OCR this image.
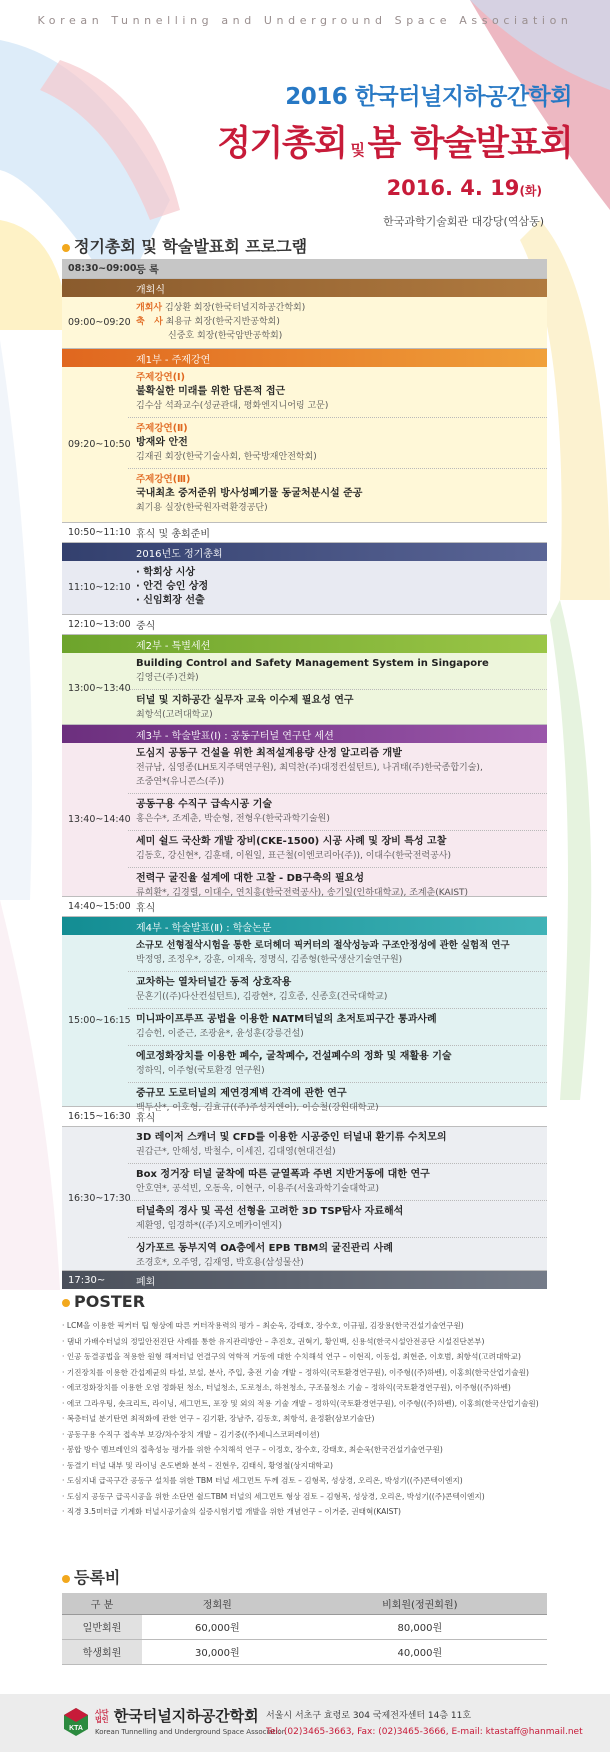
Korean Tunnelling and Underground Space Association
2016 한국터널지하공간학회
정기총회 및 봄 학술발표회
2016. 4. 19(화)
한국과학기술회관 대강당(역삼동)
정기총회 및 학술발표회 프로그램
08:30~09:00 등 록
개회식
09:00~09:20
개회사 김상환 회장(한국터널지하공간학회)
축   사 최용규 회장(한국지반공학회)
신중호 회장(한국암반공학회)
제1부 - 주제강연
09:20~10:50
주제강연(Ⅰ)
불확실한 미래를 위한 담론적 접근
김수삼 석좌교수(성균관대, 평화엔지니어링 고문)
주제강연(Ⅱ)
방재와 안전
김재권 회장(한국기술사회, 한국방재안전학회)
주제강연(Ⅲ)
국내최초 중저준위 방사성폐기물 동굴처분시설 준공
최기용 실장(한국원자력환경공단)
10:50~11:10 휴식 및 총회준비
2016년도 정기총회
11:10~12:10
· 학회상 시상
· 안건 승인 상정
· 신임회장 선출
12:10~13:00 중식
제2부 - 특별세션
13:00~13:40
Building Control and Safety Management System in Singapore
김영근(주)건화)
터널 및 지하공간 실무자 교육 이수제 필요성 연구
최항석(고려대학교)
제3부 - 학술발표(Ⅰ) : 공동구터널 연구단 세션
13:40~14:40
도심지 공동구 건설을 위한 최적설계용량 산정 알고리즘 개발
전규남, 심영종(LH토지주택연구원), 최덕찬(주)대정컨설턴트), 나귀태(주)한국종합기술),
조중연*(유니콘스(주))
공동구용 수직구 급속시공 기술
홍은수*, 조계춘, 박순형, 전형우(한국과학기술원)
세미 쉴드 국산화 개발 장비(CKE-1500) 시공 사례 및 장비 특성 고찰
김동호, 강신현*, 김훈태, 이원일, 표근철(이엔코리아(주)), 이대수(한국전력공사)
전력구 굴진율 설계에 대한 고찰 - DB구축의 필요성
류희환*, 김경렬, 이대수, 연치흥(한국전력공사), 송기일(인하대학교), 조계춘(KAIST)
14:40~15:00 휴식
제4부 - 학술발표(Ⅱ) : 학술논문
15:00~16:15
소규모 선형절삭시험을 통한 로더헤더 픽커터의 절삭성능과 구조안정성에 관한 실험적 연구
박정영, 조정우*, 강훈, 이재욱, 정명식, 김종형(한국생산기술연구원)
교차하는 열차터널간 동적 상호작용
문혼기((주)다산컨설턴트), 김광현*, 김호종, 신종호(건국대학교)
미니파이프루프 공법을 이용한 NATM터널의 초저토피구간 통과사례
김승헌, 이준근, 조광윤*, 윤성훈(강릉건설)
에코정화장치를 이용한 폐수, 굴착폐수, 건설폐수의 정화 및 재활용 기술
정하익, 이주형(국토환경 연구원)
중규모 도로터널의 제연경계벽 간격에 관한 연구
백두산*, 이호형, 김효규((주)주성지엔이), 이승철(강원대학교)
16:15~16:30 휴식
16:30~17:30
3D 레이저 스캐너 및 CFD를 이용한 시공중인 터널내 환기류 수치모의
권갑근*, 안해성, 박철수, 이세진, 김대영(현대건설)
Box 정거장 터널 굴착에 따른 균열폭과 주변 지반거동에 대한 연구
안호연*, 공석빈, 오동욱, 이현구, 이용주(서울과학기술대학교)
터널축의 경사 및 곡선 선형을 고려한 3D TSP탐사 자료해석
제환영, 임경하*((주)지오메카이엔지)
싱가포르 동부지역 OA층에서 EPB TBM의 굴진관리 사례
조경호*, 오주영, 김재영, 박호용(삼성물산)
17:30~	폐회
POSTER
· LCM을 이용한 픽커터 팁 형상에 따른 커터작용력의 평가 – 최순욱, 강태호, 장수호, 이규필, 김장용(한국건설기술연구원)
· 댐내 가배수터널의 정밀안전진단 사례를 통한 유지관리방안 – 추진호, 권혁기, 황인백, 신용석(한국시설안전공단 시설진단본부)
· 인공 동결공법을 적용한 원형 해저터널 연결구의 역학적 거동에 대한 수치해석 연구 – 이현직, 이동섭, 최현준, 이호범, 최항석(고려대학교)
· 기진장치를 이용한 간섭제균의 타설, 보설, 분사, 주입, 충전 기술 개발 – 정하익(국토환경연구원), 이주형((주)하벤), 이홍희(한국산업기술원)
· 에코정화장치를 이용한 오염 정화된 청소, 터널청소, 도로청소, 하천청소, 구조물청소 기술 – 정하익(국토환경연구원), 이주형((주)하벤)
· 에코 그라우팅, 숏크리트, 라이닝, 세그먼트, 포장 및 외의 적용 기술 개발 – 정하익(국토환경연구원), 이주형((주)하벤), 이홍희(한국산업기술원)
· 복층터널 분기탄면 최적화에 관한 연구 – 김기환, 장남주, 김동호, 최항석, 윤정환(삼보기술단)
· 공동구용 수직구 접속부 보강/차수장치 개발 – 김기중((주)세니스코퍼레이션)
· 봉합 방수 멤브레인의 접촉성능 평가를 위한 수치해석 연구 – 이정호, 장수호, 강태호, 최순욱(한국건설기술연구원)
· 동결기 터널 내부 및 라이닝 온도변화 분석 – 진현우, 김태식, 황영철(상지대학교)
· 도심지내 급곡구간 공동구 설치를 위한 TBM 터널 세그먼트 두께 검토 – 김형목, 성상경, 오리온, 박성기((주)콘텍이엔지)
· 도심지 공동구 급곡시공을 위한 소단면 쉴드TBM 터널의 세그먼트 형상 검토 – 김형목, 성상경, 오리온, 박성기((주)콘텍이엔지)
· 직경 3.5미터급 기계화 터널시공기술의 실증시험기법 개발을 위한 개념연구 – 이거준, 권태혁(KAIST)
등록비
구 분	정회원	비회원(정권회원)
일반회원	60,000원	80,000원
학생회원	30,000원	40,000원
KTA
사단
법인 한국터널지하공간학회
Korean Tunnelling and Underground Space Association
서울시 서초구 효령로 304 국제전자센터 14층 11호
Tel: (02)3465-3663, Fax: (02)3465-3666, E-mail: ktastaff@hanmail.net
